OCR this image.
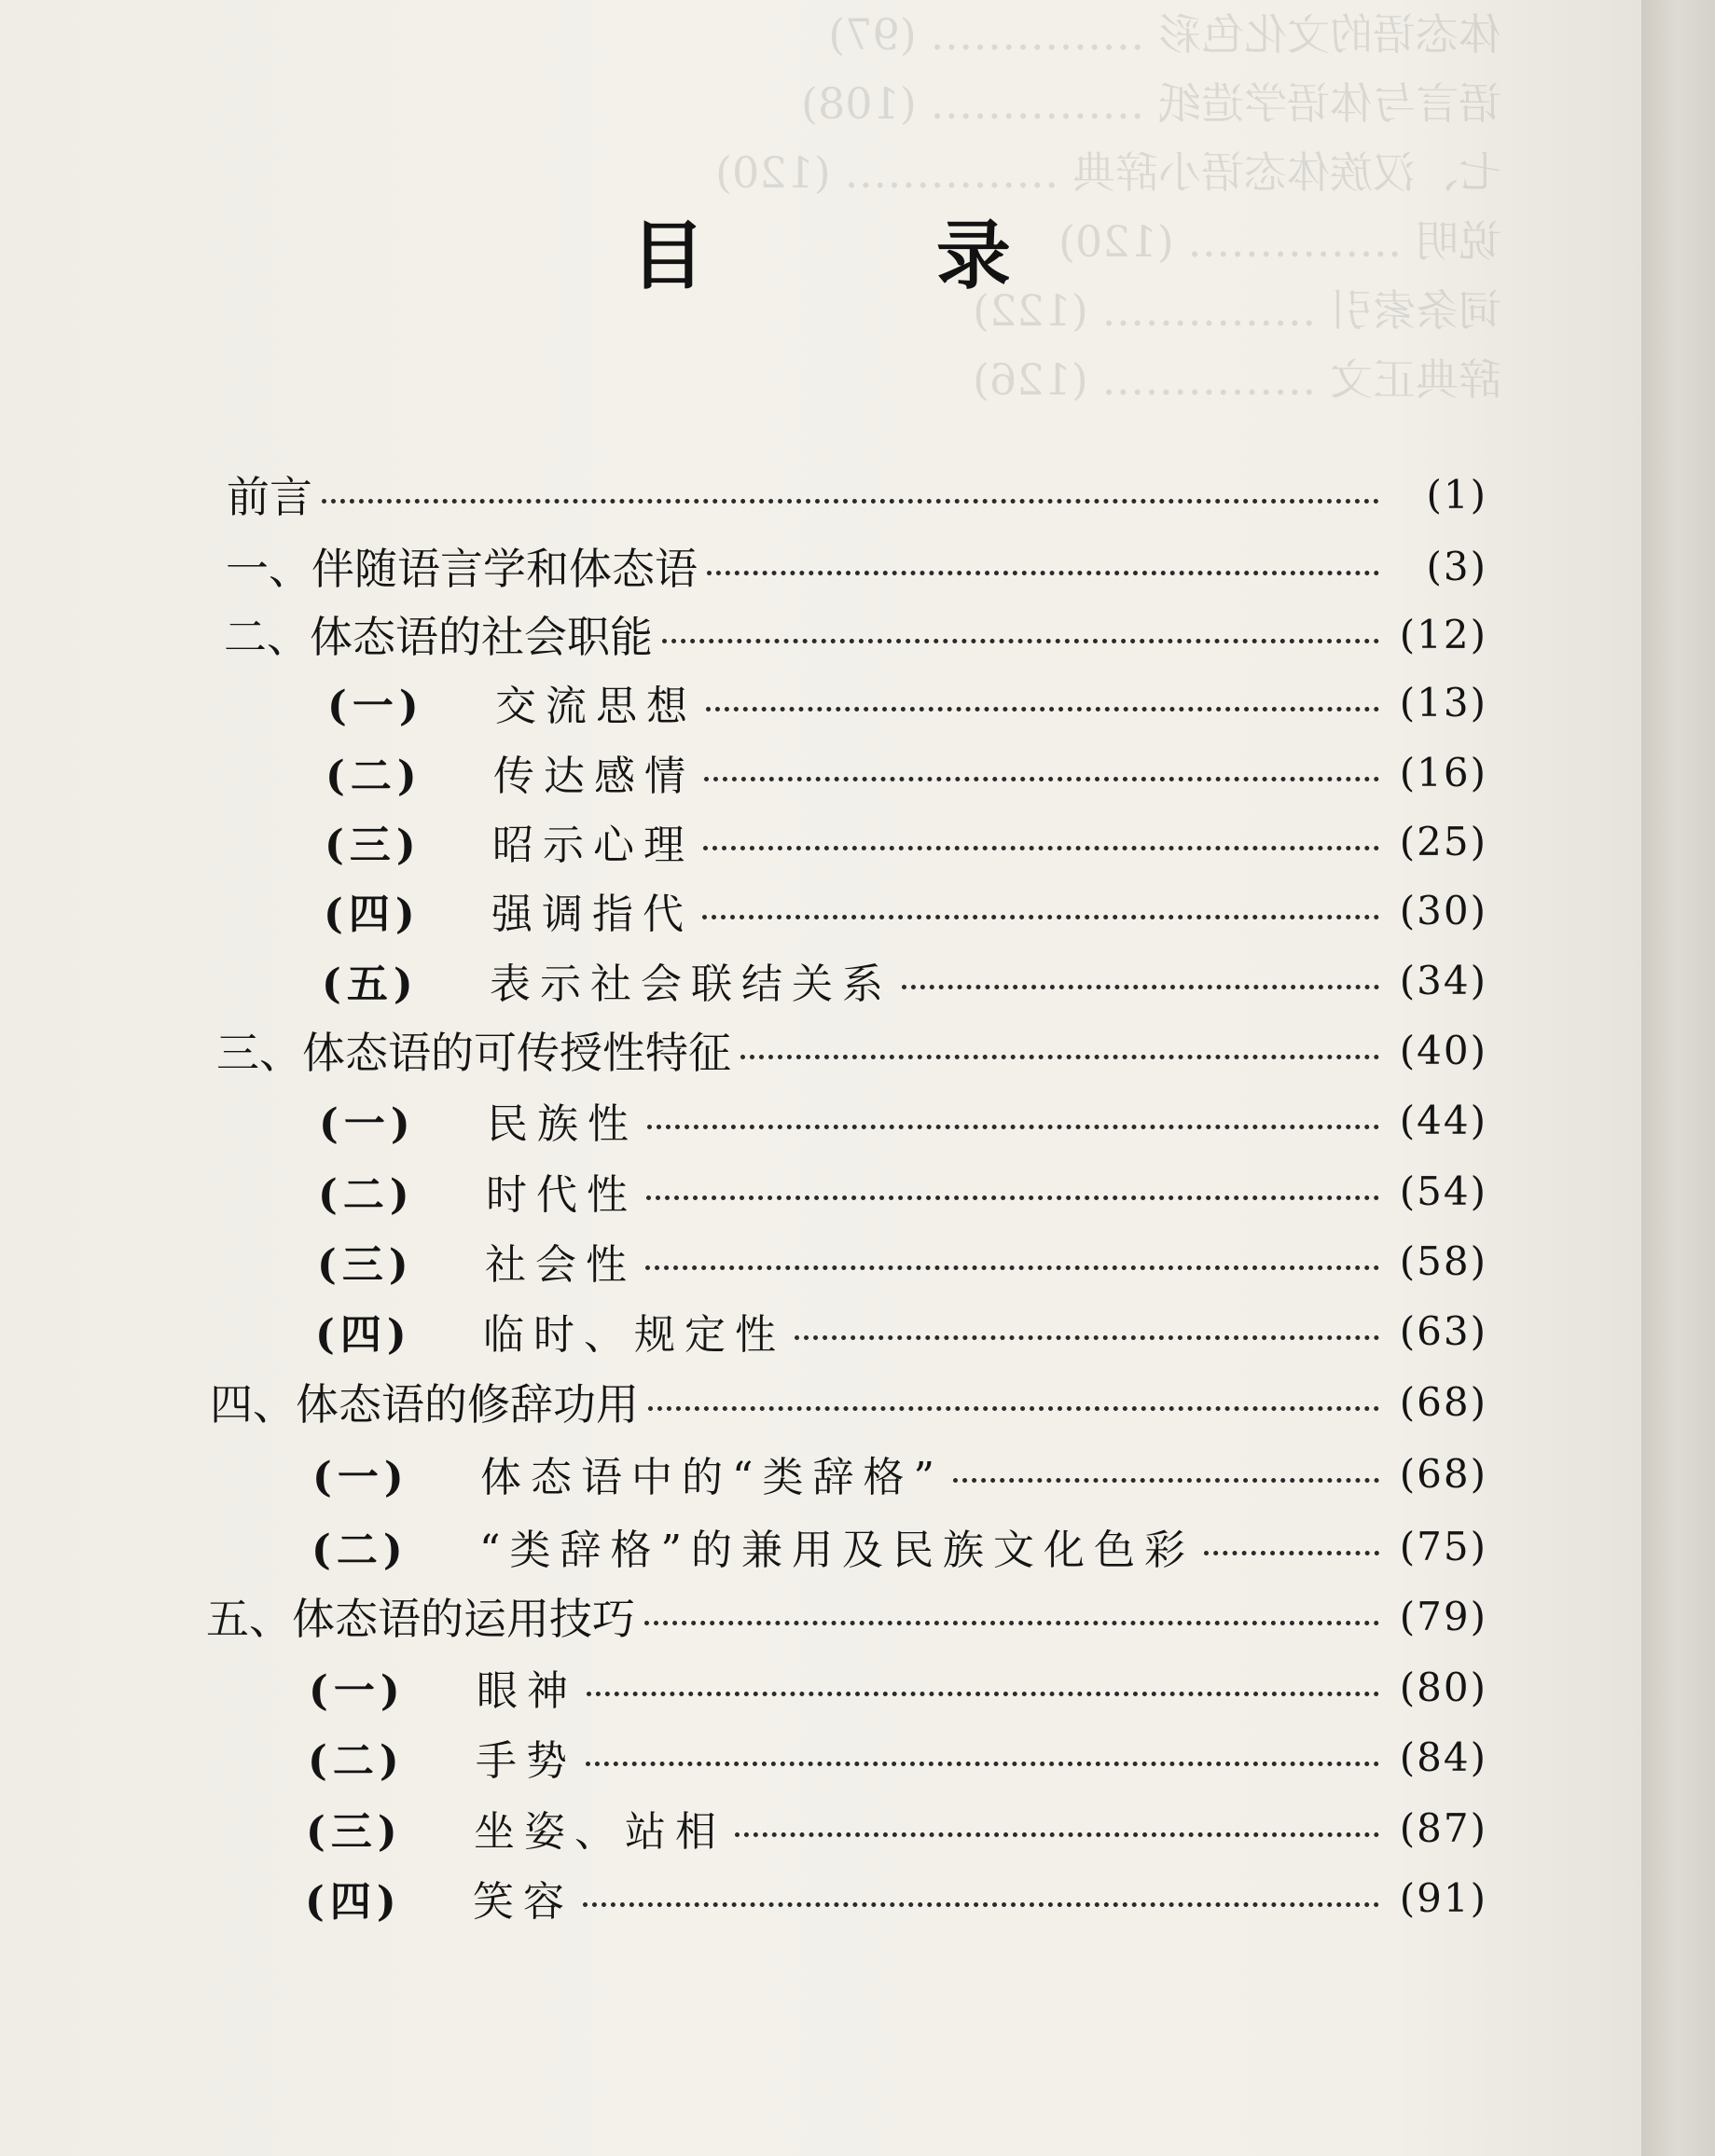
体态语的文化色彩 …………… (97)
语言与体语学造纸 …………… (108)
七、汉族体态语小辞典 …………… (120)
说明 …………… (120)
词条索引 …………… (122)
辞典正文 …………… (126)
目 录
前言	(1)
一、伴随语言学和体态语	(3)
二、体态语的社会职能	(12)
(一)	交流思想	(13)
(二)	传达感情	(16)
(三)	昭示心理	(25)
(四)	强调指代	(30)
(五)	表示社会联结关系	(34)
三、体态语的可传授性特征	(40)
(一)	民族性	(44)
(二)	时代性	(54)
(三)	社会性	(58)
(四)	临时、规定性	(63)
四、体态语的修辞功用	(68)
(一)	体态语中的“类辞格”	(68)
(二)	“类辞格”的兼用及民族文化色彩	(75)
五、体态语的运用技巧	(79)
(一)	眼神	(80)
(二)	手势	(84)
(三)	坐姿、站相	(87)
(四)	笑容	(91)
